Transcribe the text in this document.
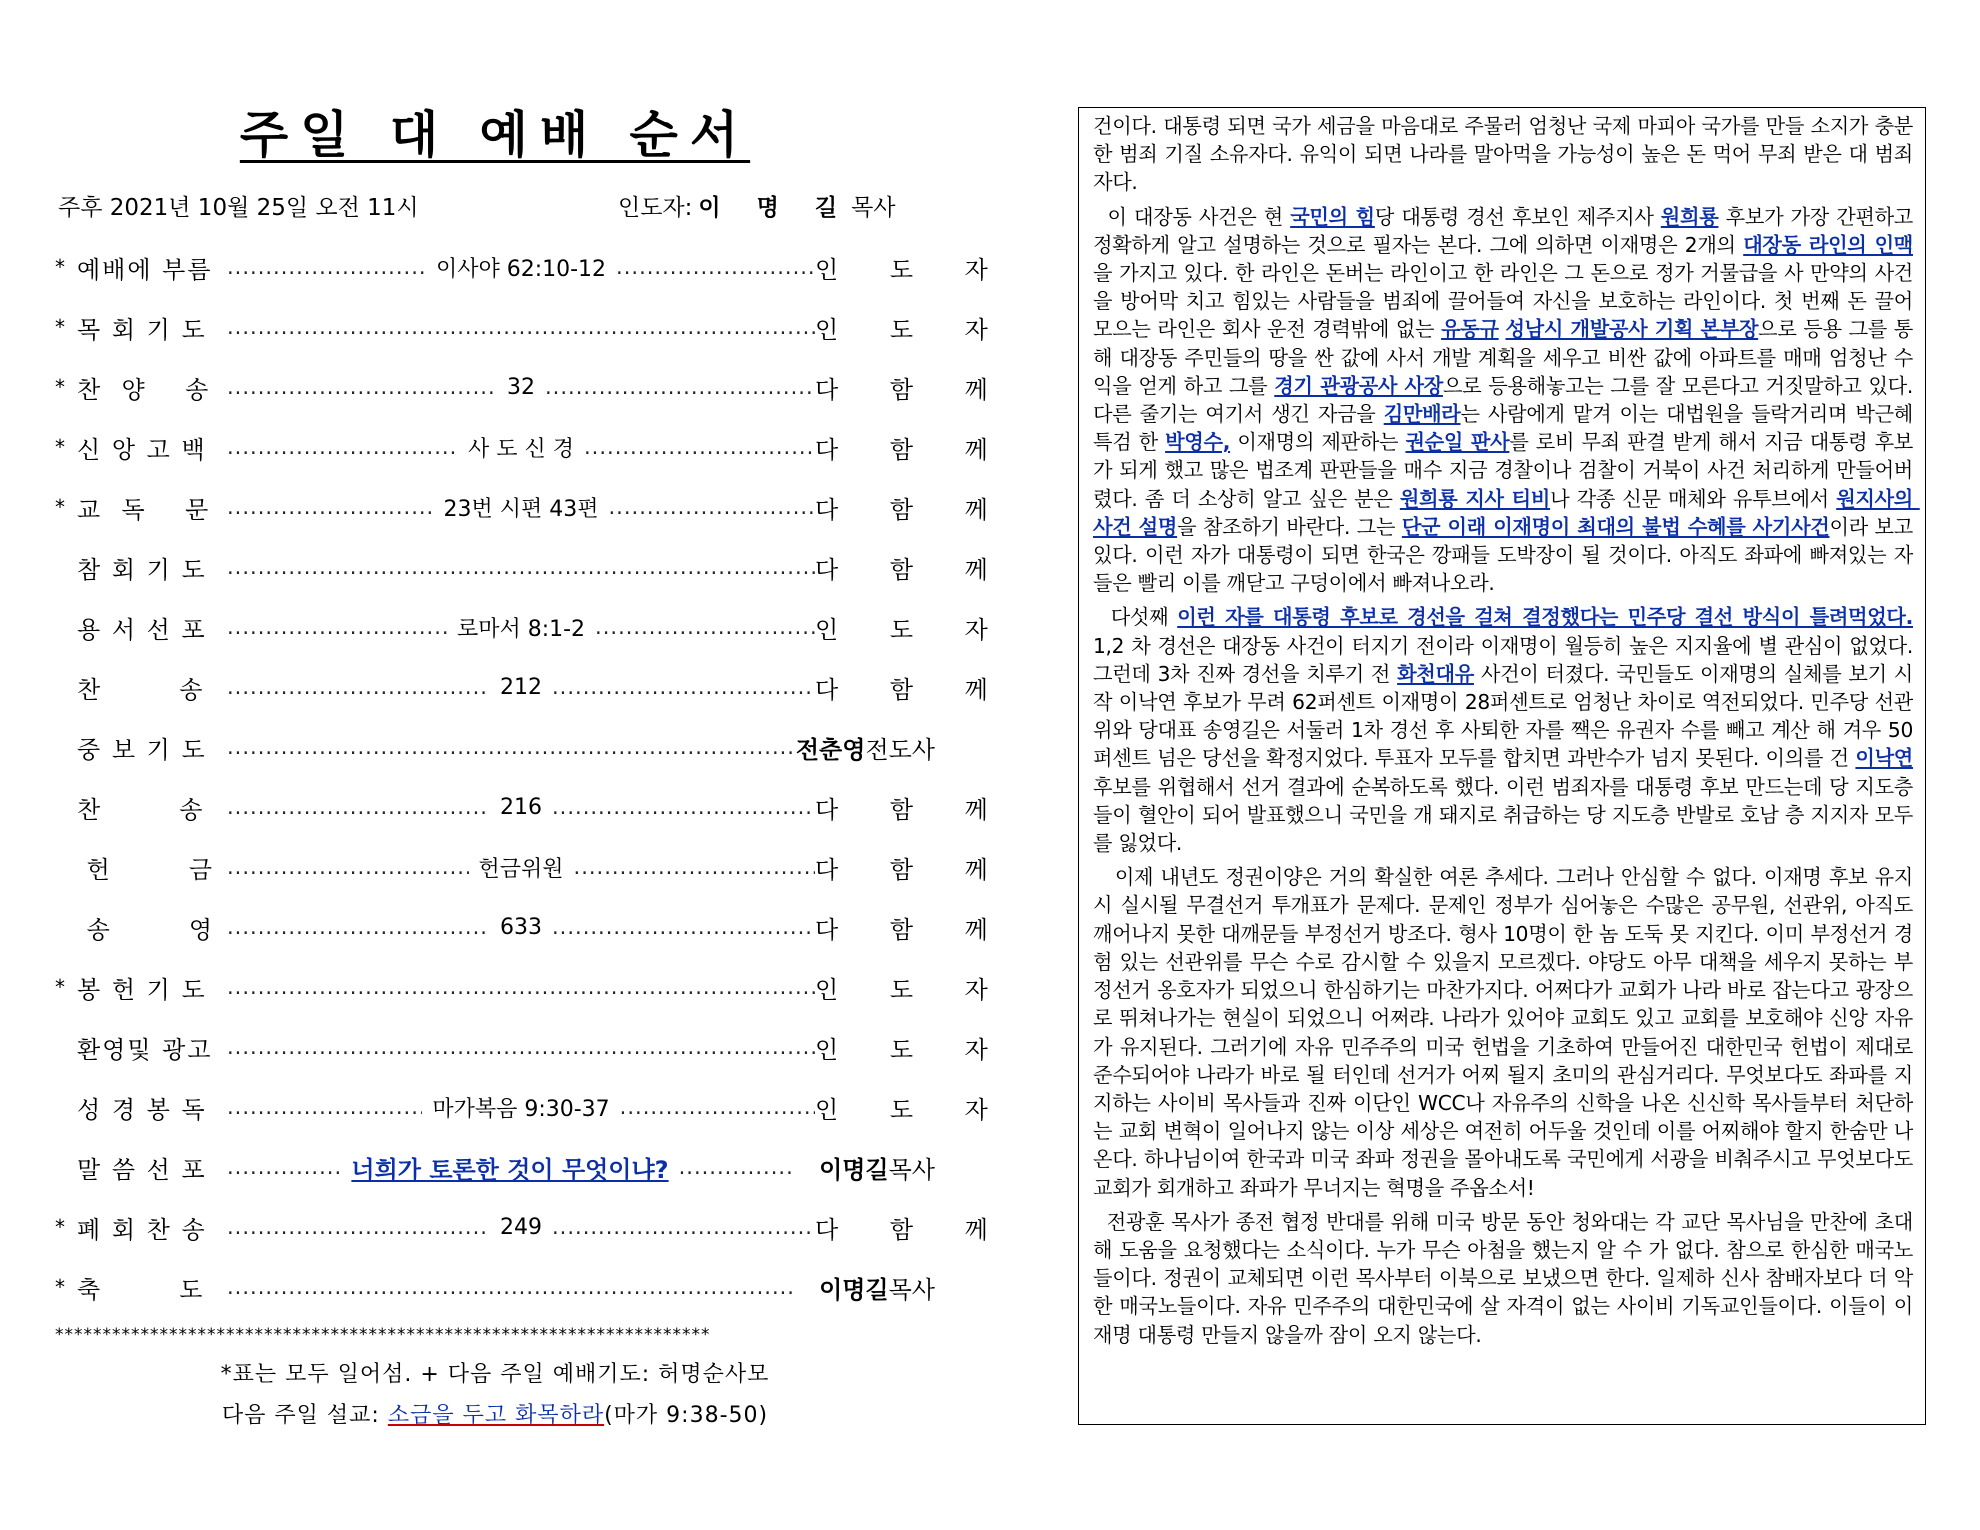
주일 대 예배 순서
주후 2021년 10월 25일 오전 11시	인도자: 이 명 길 목사
* 예배에 부름 .....	이사야 62:10-12 .....	인 도 자
* 목 회 기 도 .....	인 도 자
* 찬  양    송 .....	32 .....	다 함 께
* 신 앙 고 백 .....	사 도 신 경 .....	다 함 께
* 교  독    문 .....	23번 시편 43편 .....	다 함 께
참 회 기 도 .....	다 함 께
용 서 선 포 .....	로마서 8:1-2 .....	인 도 자
찬        송 .....	212 .....	다 함 께
중 보 기 도 .....	전춘영전도사
찬        송 .....	216 .....	다 함 께
헌        금 .....	헌금위원 .....	다 함 께
송        영 .....	633 .....	다 함 께
* 봉 헌 기 도 .....	인 도 자
환영및 광고 .....	인 도 자
성 경 봉 독 .....	마가복음 9:30-37 .....	인 도 자
말 씀 선 포 .....	너희가 토론한 것이 무엇이냐? .....	이명길목사
* 폐 회 찬 송 .....	249 .....	다 함 께
* 축        도 .....	이명길목사
*********************************************************************
*표는 모두 일어섬. + 다음 주일 예배기도: 허명순사모
다음 주일 설교: 소금을 두고 화목하라(마가 9:38-50)

건이다. 대통령 되면 국가 세금을 마음대로 주물러 엄청난 국제 마피아 국가를 만들 소지가 충분한 범죄 기질 소유자다. 유익이 되면 나라를 말아먹을 가능성이 높은 돈 먹어 무죄 받은 대 범죄자다.

이 대장동 사건은 현 국민의 힘당 대통령 경선 후보인 제주지사 원희룡 후보가 가장 간편하고 정확하게 알고 설명하는 것으로 필자는 본다. 그에 의하면 이재명은 2개의 대장동 라인의 인맥을 가지고 있다. 한 라인은 돈버는 라인이고 한 라인은 그 돈으로 정가 거물급을 사 만약의 사건을 방어막 치고 힘있는 사람들을 범죄에 끌어들여 자신을 보호하는 라인이다. 첫 번째 돈 끌어 모으는 라인은 회사 운전 경력밖에 없는 유동규 성남시 개발공사 기획 본부장으로 등용 그를 통해 대장동 주민들의 땅을 싼 값에 사서 개발 계획을 세우고 비싼 값에 아파트를 매매 엄청난 수익을 얻게 하고 그를 경기 관광공사 사장으로 등용해놓고는 그를 잘 모른다고 거짓말하고 있다. 다른 줄기는 여기서 생긴 자금을 김만배라는 사람에게 맡겨 이는 대법원을 들락거리며 박근혜 특검 한 박영수, 이재명의 제판하는 권순일 판사를 로비 무죄 판결 받게 해서 지금 대통령 후보가 되게 했고 많은 법조계 판판들을 매수 지금 경찰이나 검찰이 거북이 사건 처리하게 만들어버렸다. 좀 더 소상히 알고 싶은 분은 원희룡 지사 티비나 각종 신문 매체와 유투브에서 원지사의 사건 설명을 참조하기 바란다. 그는 단군 이래 이재명이 최대의 불법 수혜를 사기사건이라 보고 있다. 이런 자가 대통령이 되면 한국은 깡패들 도박장이 될 것이다. 아직도 좌파에 빠져있는 자들은 빨리 이를 깨닫고 구덩이에서 빠져나오라.

다섯째 이런 자를 대통령 후보로 경선을 걸쳐 결정했다는 민주당 결선 방식이 틀려먹었다. 1,2 차 경선은 대장동 사건이 터지기 전이라 이재명이 월등히 높은 지지율에 별 관심이 없었다. 그런데 3차 진짜 경선을 치루기 전 화천대유 사건이 터졌다. 국민들도 이재명의 실체를 보기 시작 이낙연 후보가 무려 62퍼센트 이재명이 28퍼센트로 엄청난 차이로 역전되었다. 민주당 선관위와 당대표 송영길은 서둘러 1차 경선 후 사퇴한 자를 짹은 유권자 수를 빼고 계산 해 겨우 50퍼센트 넘은 당선을 확정지었다. 투표자 모두를 합치면 과반수가 넘지 못된다. 이의를 건 이낙연 후보를 위협해서 선거 결과에 순복하도록 했다. 이런 범죄자를 대통령 후보 만드는데 당 지도층들이 혈안이 되어 발표했으니 국민을 개 돼지로 취급하는 당 지도층 반발로 호남 층 지지자 모두를 잃었다.

이제 내년도 정권이양은 거의 확실한 여론 추세다. 그러나 안심할 수 없다. 이재명 후보 유지 시 실시될 무결선거 투개표가 문제다. 문제인 정부가 심어놓은 수많은 공무원, 선관위, 아직도 깨어나지 못한 대깨문들 부정선거 방조다. 형사 10명이 한 놈 도둑 못 지킨다. 이미 부정선거 경험 있는 선관위를 무슨 수로 감시할 수 있을지 모르겠다. 야당도 아무 대책을 세우지 못하는 부정선거 옹호자가 되었으니 한심하기는 마찬가지다. 어쩌다가 교회가 나라 바로 잡는다고 광장으로 뛰쳐나가는 현실이 되었으니 어쩌랴. 나라가 있어야 교회도 있고 교회를 보호해야 신앙 자유가 유지된다. 그러기에 자유 민주주의 미국 헌법을 기초하여 만들어진 대한민국 헌법이 제대로 준수되어야 나라가 바로 될 터인데 선거가 어찌 될지 초미의 관심거리다. 무엇보다도 좌파를 지지하는 사이비 목사들과 진짜 이단인 WCC나 자유주의 신학을 나온 신신학 목사들부터 처단하는 교회 변혁이 일어나지 않는 이상 세상은 여전히 어두울 것인데 이를 어찌해야 할지 한숨만 나온다. 하나님이여 한국과 미국 좌파 정권을 몰아내도록 국민에게 서광을 비춰주시고 무엇보다도 교회가 회개하고 좌파가 무너지는 혁명을 주옵소서!

전광훈 목사가 종전 협정 반대를 위해 미국 방문 동안 청와대는 각 교단 목사님을 만찬에 초대해 도움을 요청했다는 소식이다. 누가 무슨 아첨을 했는지 알 수 가 없다. 참으로 한심한 매국노들이다. 정권이 교체되면 이런 목사부터 이북으로 보냈으면 한다. 일제하 신사 참배자보다 더 악한 매국노들이다. 자유 민주주의 대한민국에 살 자격이 없는 사이비 기독교인들이다. 이들이 이재명 대통령 만들지 않을까 잠이 오지 않는다.
